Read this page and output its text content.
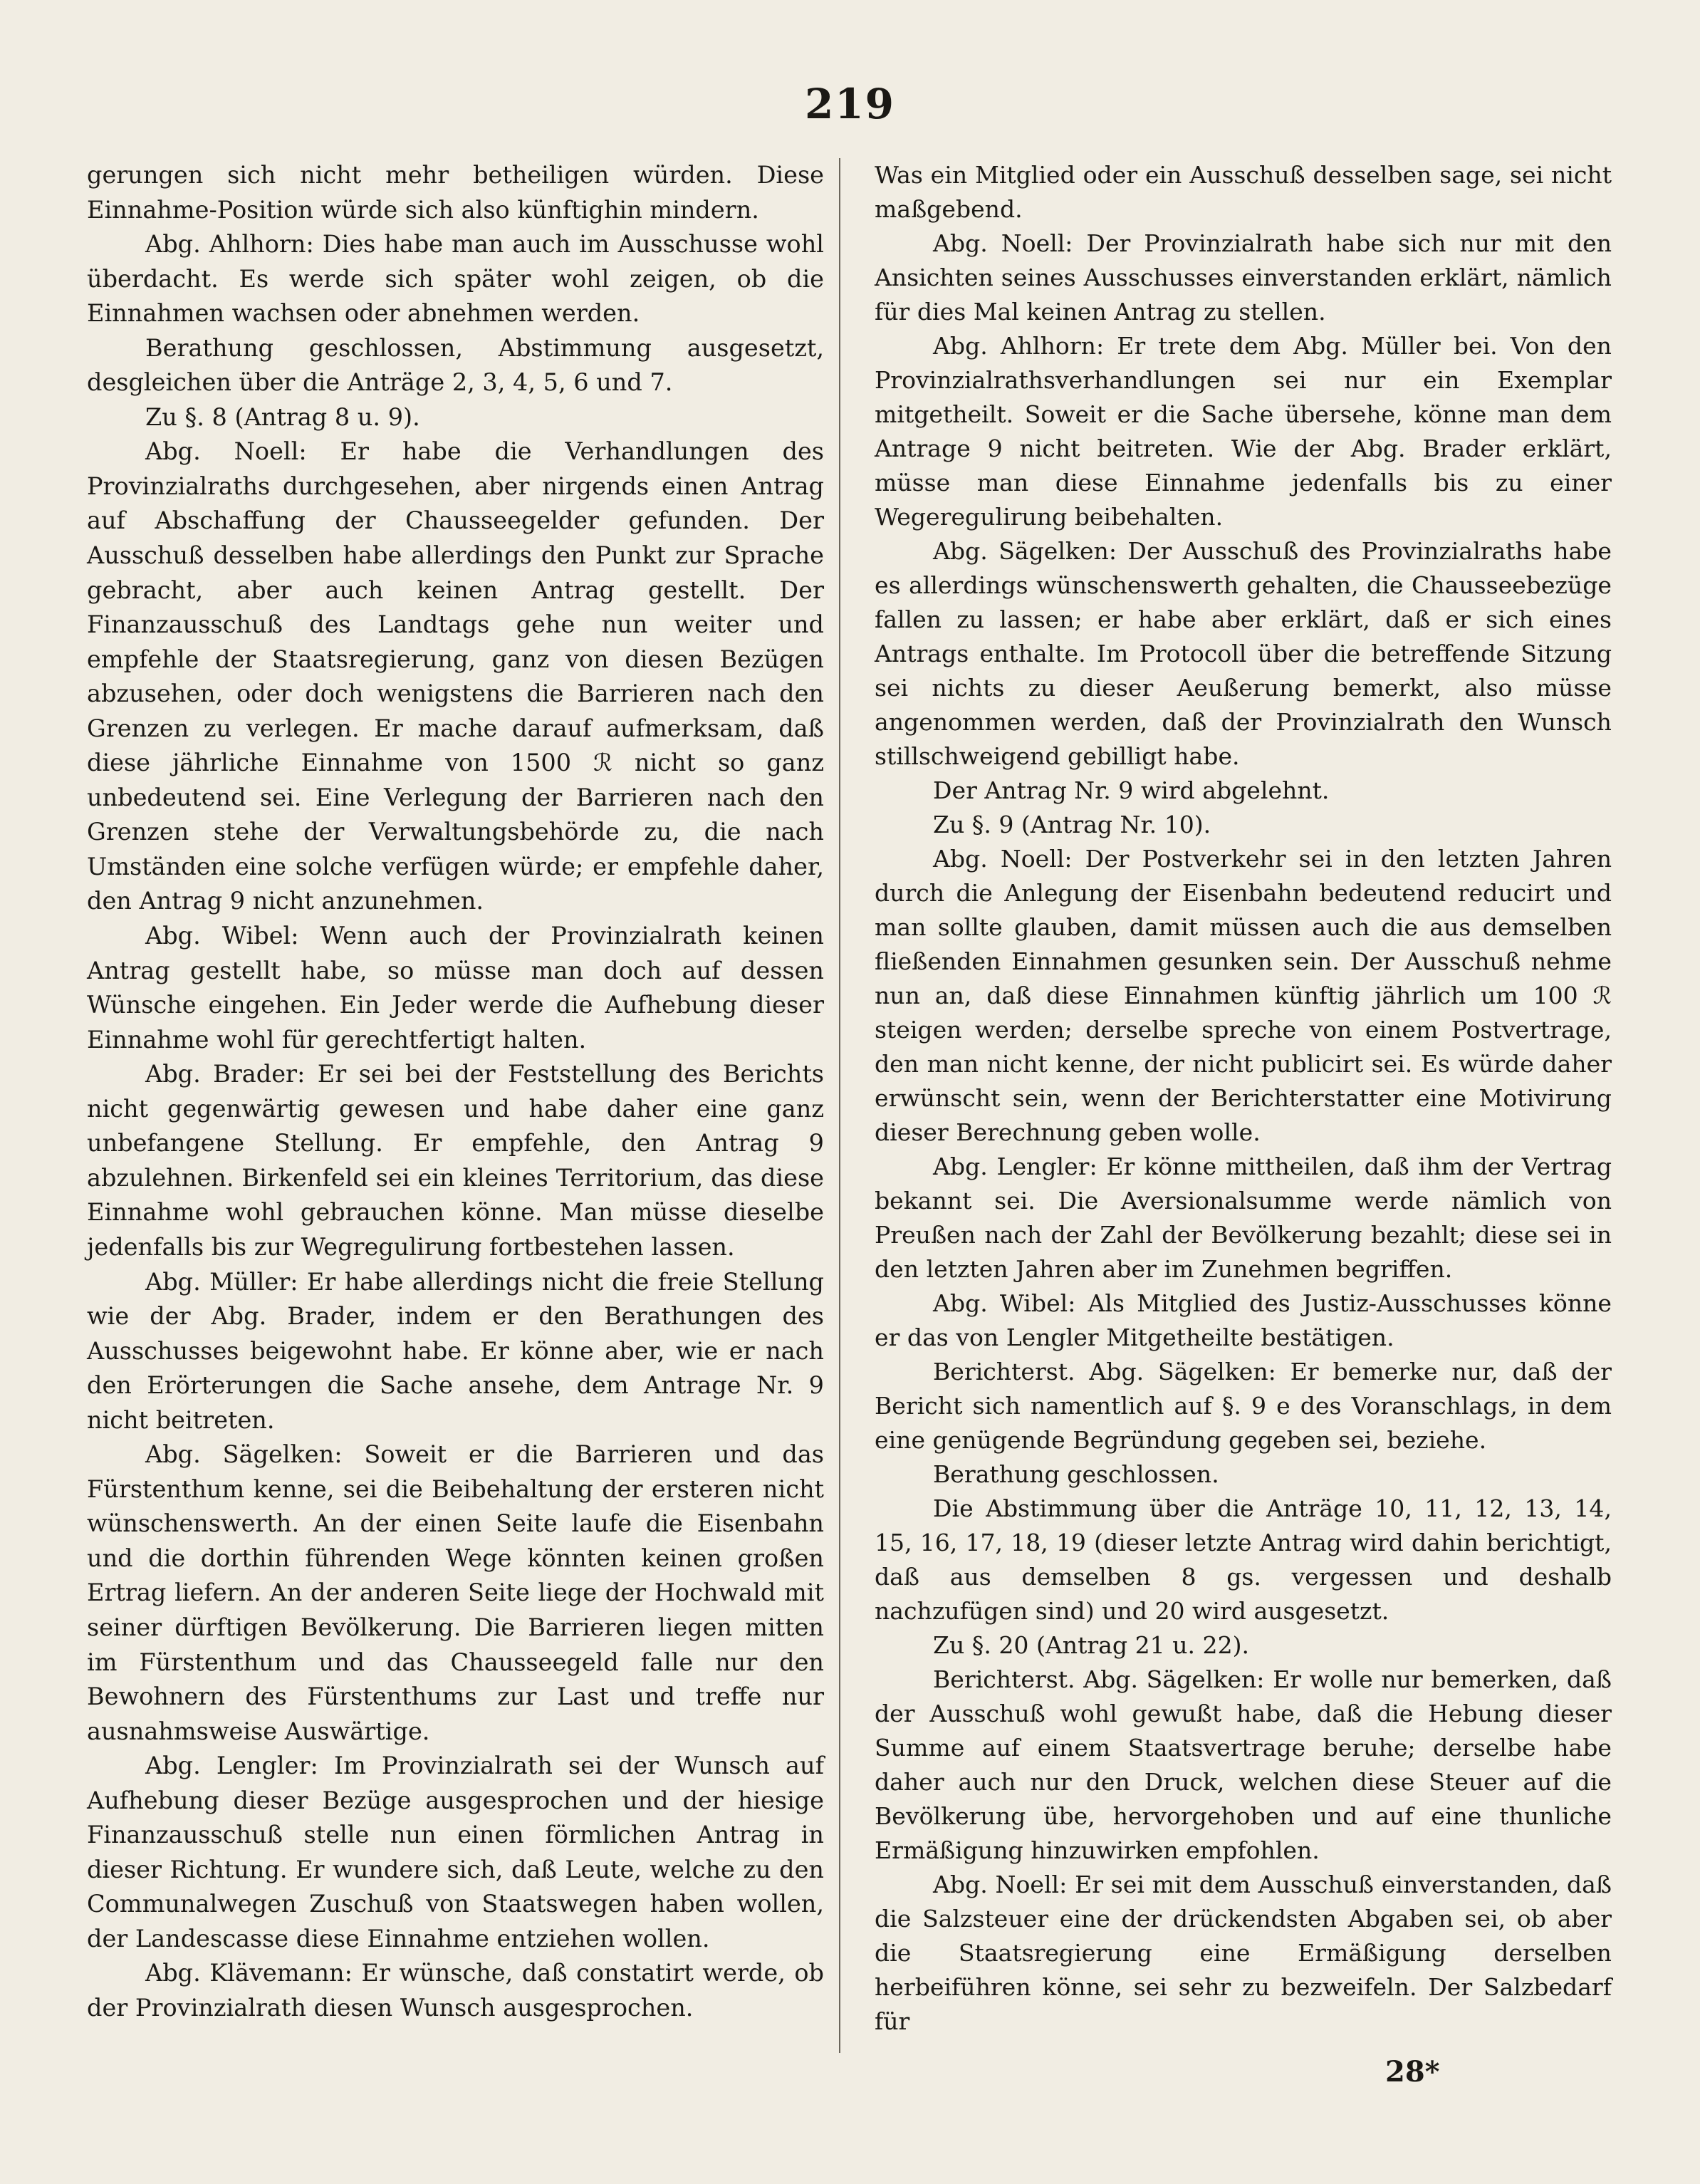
219

gerungen sich nicht mehr betheiligen würden. Diese Einnahme-Position würde sich also künftighin mindern.

Abg. Ahlhorn: Dies habe man auch im Ausschusse wohl überdacht. Es werde sich später wohl zeigen, ob die Einnahmen wachsen oder abnehmen werden.

Berathung geschlossen, Abstimmung ausgesetzt, desgleichen über die Anträge 2, 3, 4, 5, 6 und 7.

Zu §. 8 (Antrag 8 u. 9).

Abg. Noell: Er habe die Verhandlungen des Provinzialraths durchgesehen, aber nirgends einen Antrag auf Abschaffung der Chausseegelder gefunden. Der Ausschuß desselben habe allerdings den Punkt zur Sprache gebracht, aber auch keinen Antrag gestellt. Der Finanzausschuß des Landtags gehe nun weiter und empfehle der Staatsregierung, ganz von diesen Bezügen abzusehen, oder doch wenigstens die Barrieren nach den Grenzen zu verlegen. Er mache darauf aufmerksam, daß diese jährliche Einnahme von 1500 ℛ nicht so ganz unbedeutend sei. Eine Verlegung der Barrieren nach den Grenzen stehe der Verwaltungsbehörde zu, die nach Umständen eine solche verfügen würde; er empfehle daher, den Antrag 9 nicht anzunehmen.

Abg. Wibel: Wenn auch der Provinzialrath keinen Antrag gestellt habe, so müsse man doch auf dessen Wünsche eingehen. Ein Jeder werde die Aufhebung dieser Einnahme wohl für gerechtfertigt halten.

Abg. Brader: Er sei bei der Feststellung des Berichts nicht gegenwärtig gewesen und habe daher eine ganz unbefangene Stellung. Er empfehle, den Antrag 9 abzulehnen. Birkenfeld sei ein kleines Territorium, das diese Einnahme wohl gebrauchen könne. Man müsse dieselbe jedenfalls bis zur Wegregulirung fortbestehen lassen.

Abg. Müller: Er habe allerdings nicht die freie Stellung wie der Abg. Brader, indem er den Berathungen des Ausschusses beigewohnt habe. Er könne aber, wie er nach den Erörterungen die Sache ansehe, dem Antrage Nr. 9 nicht beitreten.

Abg. Sägelken: Soweit er die Barrieren und das Fürstenthum kenne, sei die Beibehaltung der ersteren nicht wünschenswerth. An der einen Seite laufe die Eisenbahn und die dorthin führenden Wege könnten keinen großen Ertrag liefern. An der anderen Seite liege der Hochwald mit seiner dürftigen Bevölkerung. Die Barrieren liegen mitten im Fürstenthum und das Chausseegeld falle nur den Bewohnern des Fürstenthums zur Last und treffe nur ausnahmsweise Auswärtige.

Abg. Lengler: Im Provinzialrath sei der Wunsch auf Aufhebung dieser Bezüge ausgesprochen und der hiesige Finanzausschuß stelle nun einen förmlichen Antrag in dieser Richtung. Er wundere sich, daß Leute, welche zu den Communalwegen Zuschuß von Staatswegen haben wollen, der Landescasse diese Einnahme entziehen wollen.

Abg. Klävemann: Er wünsche, daß constatirt werde, ob der Provinzialrath diesen Wunsch ausgesprochen.

Was ein Mitglied oder ein Ausschuß desselben sage, sei nicht maßgebend.

Abg. Noell: Der Provinzialrath habe sich nur mit den Ansichten seines Ausschusses einverstanden erklärt, nämlich für dies Mal keinen Antrag zu stellen.

Abg. Ahlhorn: Er trete dem Abg. Müller bei. Von den Provinzialrathsverhandlungen sei nur ein Exemplar mitgetheilt. Soweit er die Sache übersehe, könne man dem Antrage 9 nicht beitreten. Wie der Abg. Brader erklärt, müsse man diese Einnahme jedenfalls bis zu einer Wegeregulirung beibehalten.

Abg. Sägelken: Der Ausschuß des Provinzialraths habe es allerdings wünschenswerth gehalten, die Chausseebezüge fallen zu lassen; er habe aber erklärt, daß er sich eines Antrags enthalte. Im Protocoll über die betreffende Sitzung sei nichts zu dieser Aeußerung bemerkt, also müsse angenommen werden, daß der Provinzialrath den Wunsch stillschweigend gebilligt habe.

Der Antrag Nr. 9 wird abgelehnt.

Zu §. 9 (Antrag Nr. 10).

Abg. Noell: Der Postverkehr sei in den letzten Jahren durch die Anlegung der Eisenbahn bedeutend reducirt und man sollte glauben, damit müssen auch die aus demselben fließenden Einnahmen gesunken sein. Der Ausschuß nehme nun an, daß diese Einnahmen künftig jährlich um 100 ℛ steigen werden; derselbe spreche von einem Postvertrage, den man nicht kenne, der nicht publicirt sei. Es würde daher erwünscht sein, wenn der Berichterstatter eine Motivirung dieser Berechnung geben wolle.

Abg. Lengler: Er könne mittheilen, daß ihm der Vertrag bekannt sei. Die Aversionalsumme werde nämlich von Preußen nach der Zahl der Bevölkerung bezahlt; diese sei in den letzten Jahren aber im Zunehmen begriffen.

Abg. Wibel: Als Mitglied des Justiz-Ausschusses könne er das von Lengler Mitgetheilte bestätigen.

Berichterst. Abg. Sägelken: Er bemerke nur, daß der Bericht sich namentlich auf §. 9 e des Voranschlags, in dem eine genügende Begründung gegeben sei, beziehe.

Berathung geschlossen.

Die Abstimmung über die Anträge 10, 11, 12, 13, 14, 15, 16, 17, 18, 19 (dieser letzte Antrag wird dahin berichtigt, daß aus demselben 8 gs. vergessen und deshalb nachzufügen sind) und 20 wird ausgesetzt.

Zu §. 20 (Antrag 21 u. 22).

Berichterst. Abg. Sägelken: Er wolle nur bemerken, daß der Ausschuß wohl gewußt habe, daß die Hebung dieser Summe auf einem Staatsvertrage beruhe; derselbe habe daher auch nur den Druck, welchen diese Steuer auf die Bevölkerung übe, hervorgehoben und auf eine thunliche Ermäßigung hinzuwirken empfohlen.

Abg. Noell: Er sei mit dem Ausschuß einverstanden, daß die Salzsteuer eine der drückendsten Abgaben sei, ob aber die Staatsregierung eine Ermäßigung derselben herbeiführen könne, sei sehr zu bezweifeln. Der Salzbedarf für

28*
